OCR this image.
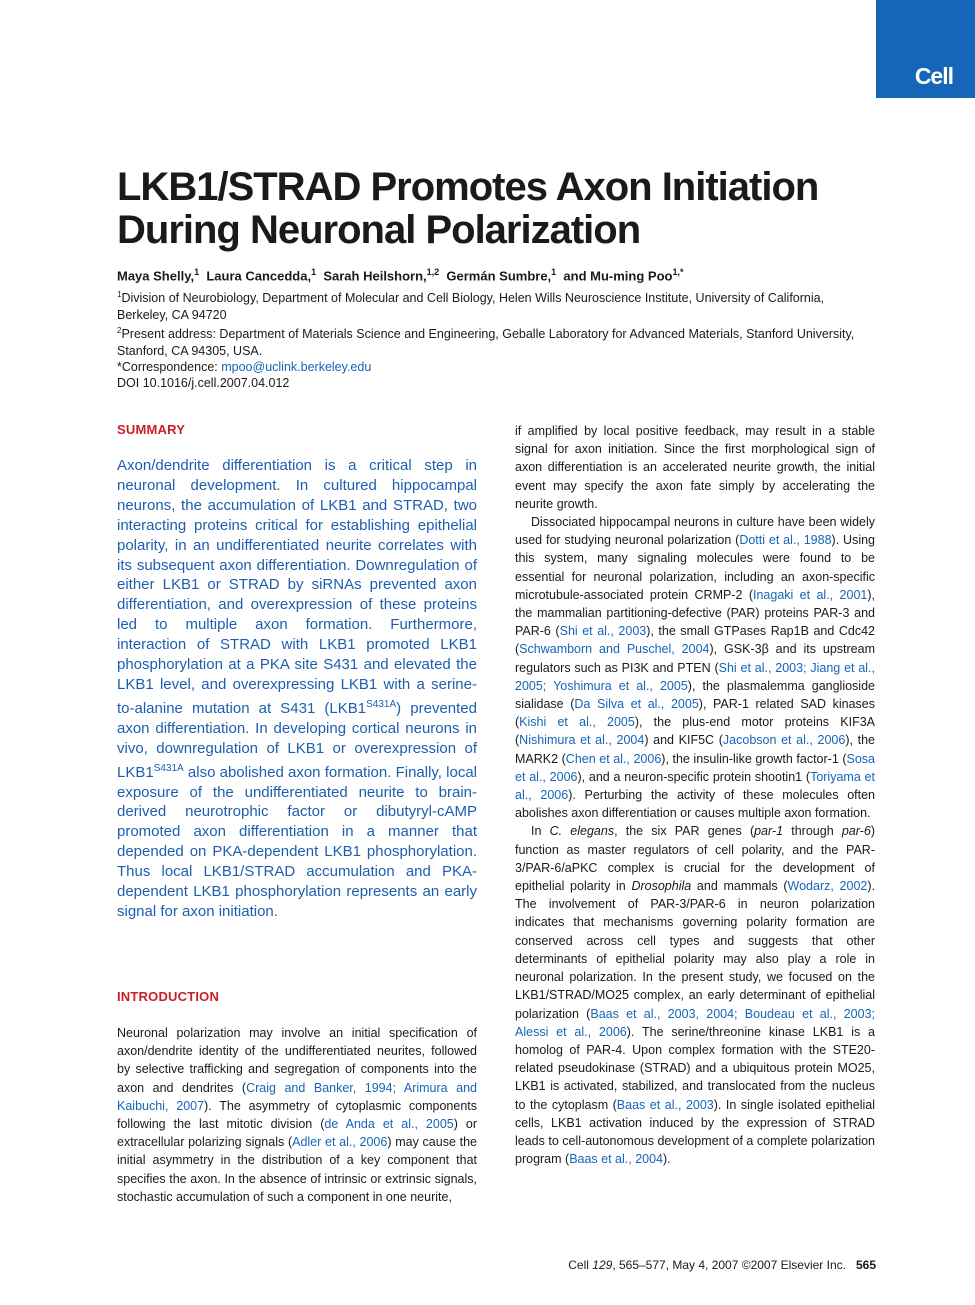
Cell
LKB1/STRAD Promotes Axon Initiation
During Neuronal Polarization
Maya Shelly,$^1$ Laura Cancedda,$^1$ Sarah Heilshorn,$^{1,2}$ Germán Sumbre,$^1$ and Mu-ming Poo$^{1,*}$
$^1$Division of Neurobiology, Department of Molecular and Cell Biology, Helen Wills Neuroscience Institute, University of California, Berkeley, CA 94720
$^2$Present address: Department of Materials Science and Engineering, Geballe Laboratory for Advanced Materials, Stanford University, Stanford, CA 94305, USA.
*Correspondence: mpoo@uclink.berkeley.edu
DOI 10.1016/j.cell.2007.04.012
SUMMARY
Axon/dendrite differentiation is a critical step in neuronal development. In cultured hippocampal neurons, the accumulation of LKB1 and STRAD, two interacting proteins critical for establishing epithelial polarity, in an undifferentiated neurite correlates with its subsequent axon differentiation. Downregulation of either LKB1 or STRAD by siRNAs prevented axon differentiation, and overexpression of these proteins led to multiple axon formation. Furthermore, interaction of STRAD with LKB1 promoted LKB1 phosphorylation at a PKA site S431 and elevated the LKB1 level, and overexpressing LKB1 with a serine-to-alanine mutation at S431 $(LKB1^{S431A})$ prevented axon differentiation. In developing cortical neurons in vivo, downregulation of LKB1 or overexpression of $LKB1^{S431A}$ also abolished axon formation. Finally, local exposure of the undifferentiated neurite to brain-derived neurotrophic factor or dibutyryl-cAMP promoted axon differentiation in a manner that depended on PKA-dependent LKB1 phosphorylation. Thus local LKB1/STRAD accumulation and PKA-dependent LKB1 phosphorylation represents an early signal for axon initiation.
INTRODUCTION
Neuronal polarization may involve an initial specification of axon/dendrite identity of the undifferentiated neurites, followed by selective trafficking and segregation of components into the axon and dendrites (Craig and Banker, 1994; Arimura and Kaibuchi, 2007). The asymmetry of cytoplasmic components following the last mitotic division (de Anda et al., 2005) or extracellular polarizing signals (Adler et al., 2006) may cause the initial asymmetry in the distribution of a key component that specifies the axon. In the absence of intrinsic or extrinsic signals, stochastic accumulation of such a component in one neurite,

if amplified by local positive feedback, may result in a stable signal for axon initiation. Since the first morphological sign of axon differentiation is an accelerated neurite growth, the initial event may specify the axon fate simply by accelerating the neurite growth.

Dissociated hippocampal neurons in culture have been widely used for studying neuronal polarization (Dotti et al., 1988). Using this system, many signaling molecules were found to be essential for neuronal polarization, including an axon-specific microtubule-associated protein CRMP-2 (Inagaki et al., 2001), the mammalian partitioning-defective (PAR) proteins PAR-3 and PAR-6 (Shi et al., 2003), the small GTPases Rap1B and Cdc42 (Schwamborn and Puschel, 2004), GSK-3β and its upstream regulators such as PI3K and PTEN (Shi et al., 2003; Jiang et al., 2005; Yoshimura et al., 2005), the plasmalemma ganglioside sialidase (Da Silva et al., 2005), PAR-1 related SAD kinases (Kishi et al., 2005), the plus-end motor proteins KIF3A (Nishimura et al., 2004) and KIF5C (Jacobson et al., 2006), the MARK2 (Chen et al., 2006), the insulin-like growth factor-1 (Sosa et al., 2006), and a neuron-specific protein shootin1 (Toriyama et al., 2006). Perturbing the activity of these molecules often abolishes axon differentiation or causes multiple axon formation.

In C. elegans, the six PAR genes (par-1 through par-6) function as master regulators of cell polarity, and the PAR-3/PAR-6/aPKC complex is crucial for the development of epithelial polarity in Drosophila and mammals (Wodarz, 2002). The involvement of PAR-3/PAR-6 in neuron polarization indicates that mechanisms governing polarity formation are conserved across cell types and suggests that other determinants of epithelial polarity may also play a role in neuronal polarization. In the present study, we focused on the LKB1/STRAD/MO25 complex, an early determinant of epithelial polarization (Baas et al., 2003, 2004; Boudeau et al., 2003; Alessi et al., 2006). The serine/threonine kinase LKB1 is a homolog of PAR-4. Upon complex formation with the STE20-related pseudokinase (STRAD) and a ubiquitous protein MO25, LKB1 is activated, stabilized, and translocated from the nucleus to the cytoplasm (Baas et al., 2003). In single isolated epithelial cells, LKB1 activation induced by the expression of STRAD leads to cell-autonomous development of a complete polarization program (Baas et al., 2004).

Cell 129, 565–577, May 4, 2007 ©2007 Elsevier Inc. 565
